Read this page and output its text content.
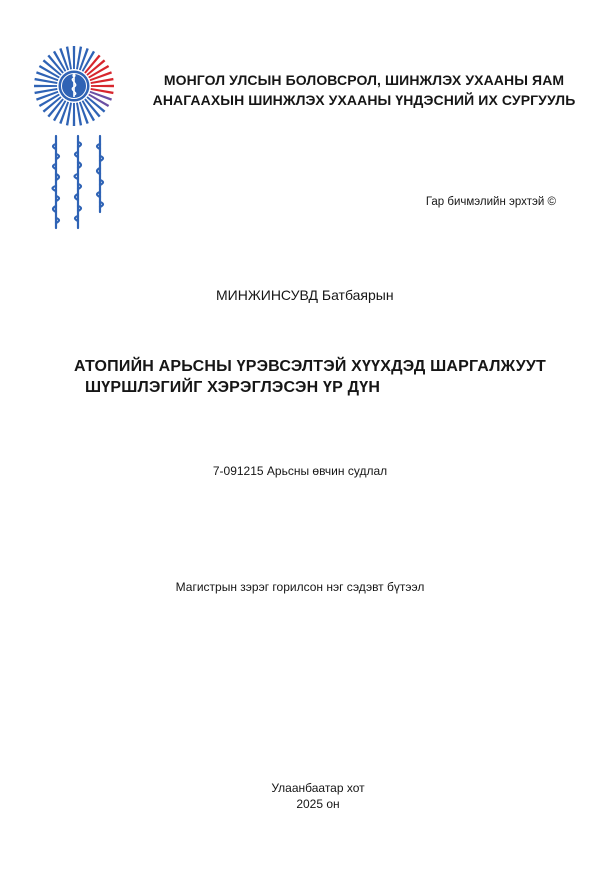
МОНГОЛ УЛСЫН БОЛОВСРОЛ, ШИНЖЛЭХ УХААНЫ ЯАМ
АНАГААХЫН ШИНЖЛЭХ УХААНЫ ҮНДЭСНИЙ ИХ СУРГУУЛЬ
Гар бичмэлийн эрхтэй ©
МИНЖИНСУВД Батбаярын
АТОПИЙН АРЬСНЫ ҮРЭВСЭЛТЭЙ ХҮҮХДЭД ШАРГАЛЖУУТ
ШҮРШЛЭГИЙГ ХЭРЭГЛЭСЭН ҮР ДҮН
7-091215 Арьсны өвчин судлал
Магистрын зэрэг горилсон нэг сэдэвт бүтээл
Улаанбаатар хот
2025 он
